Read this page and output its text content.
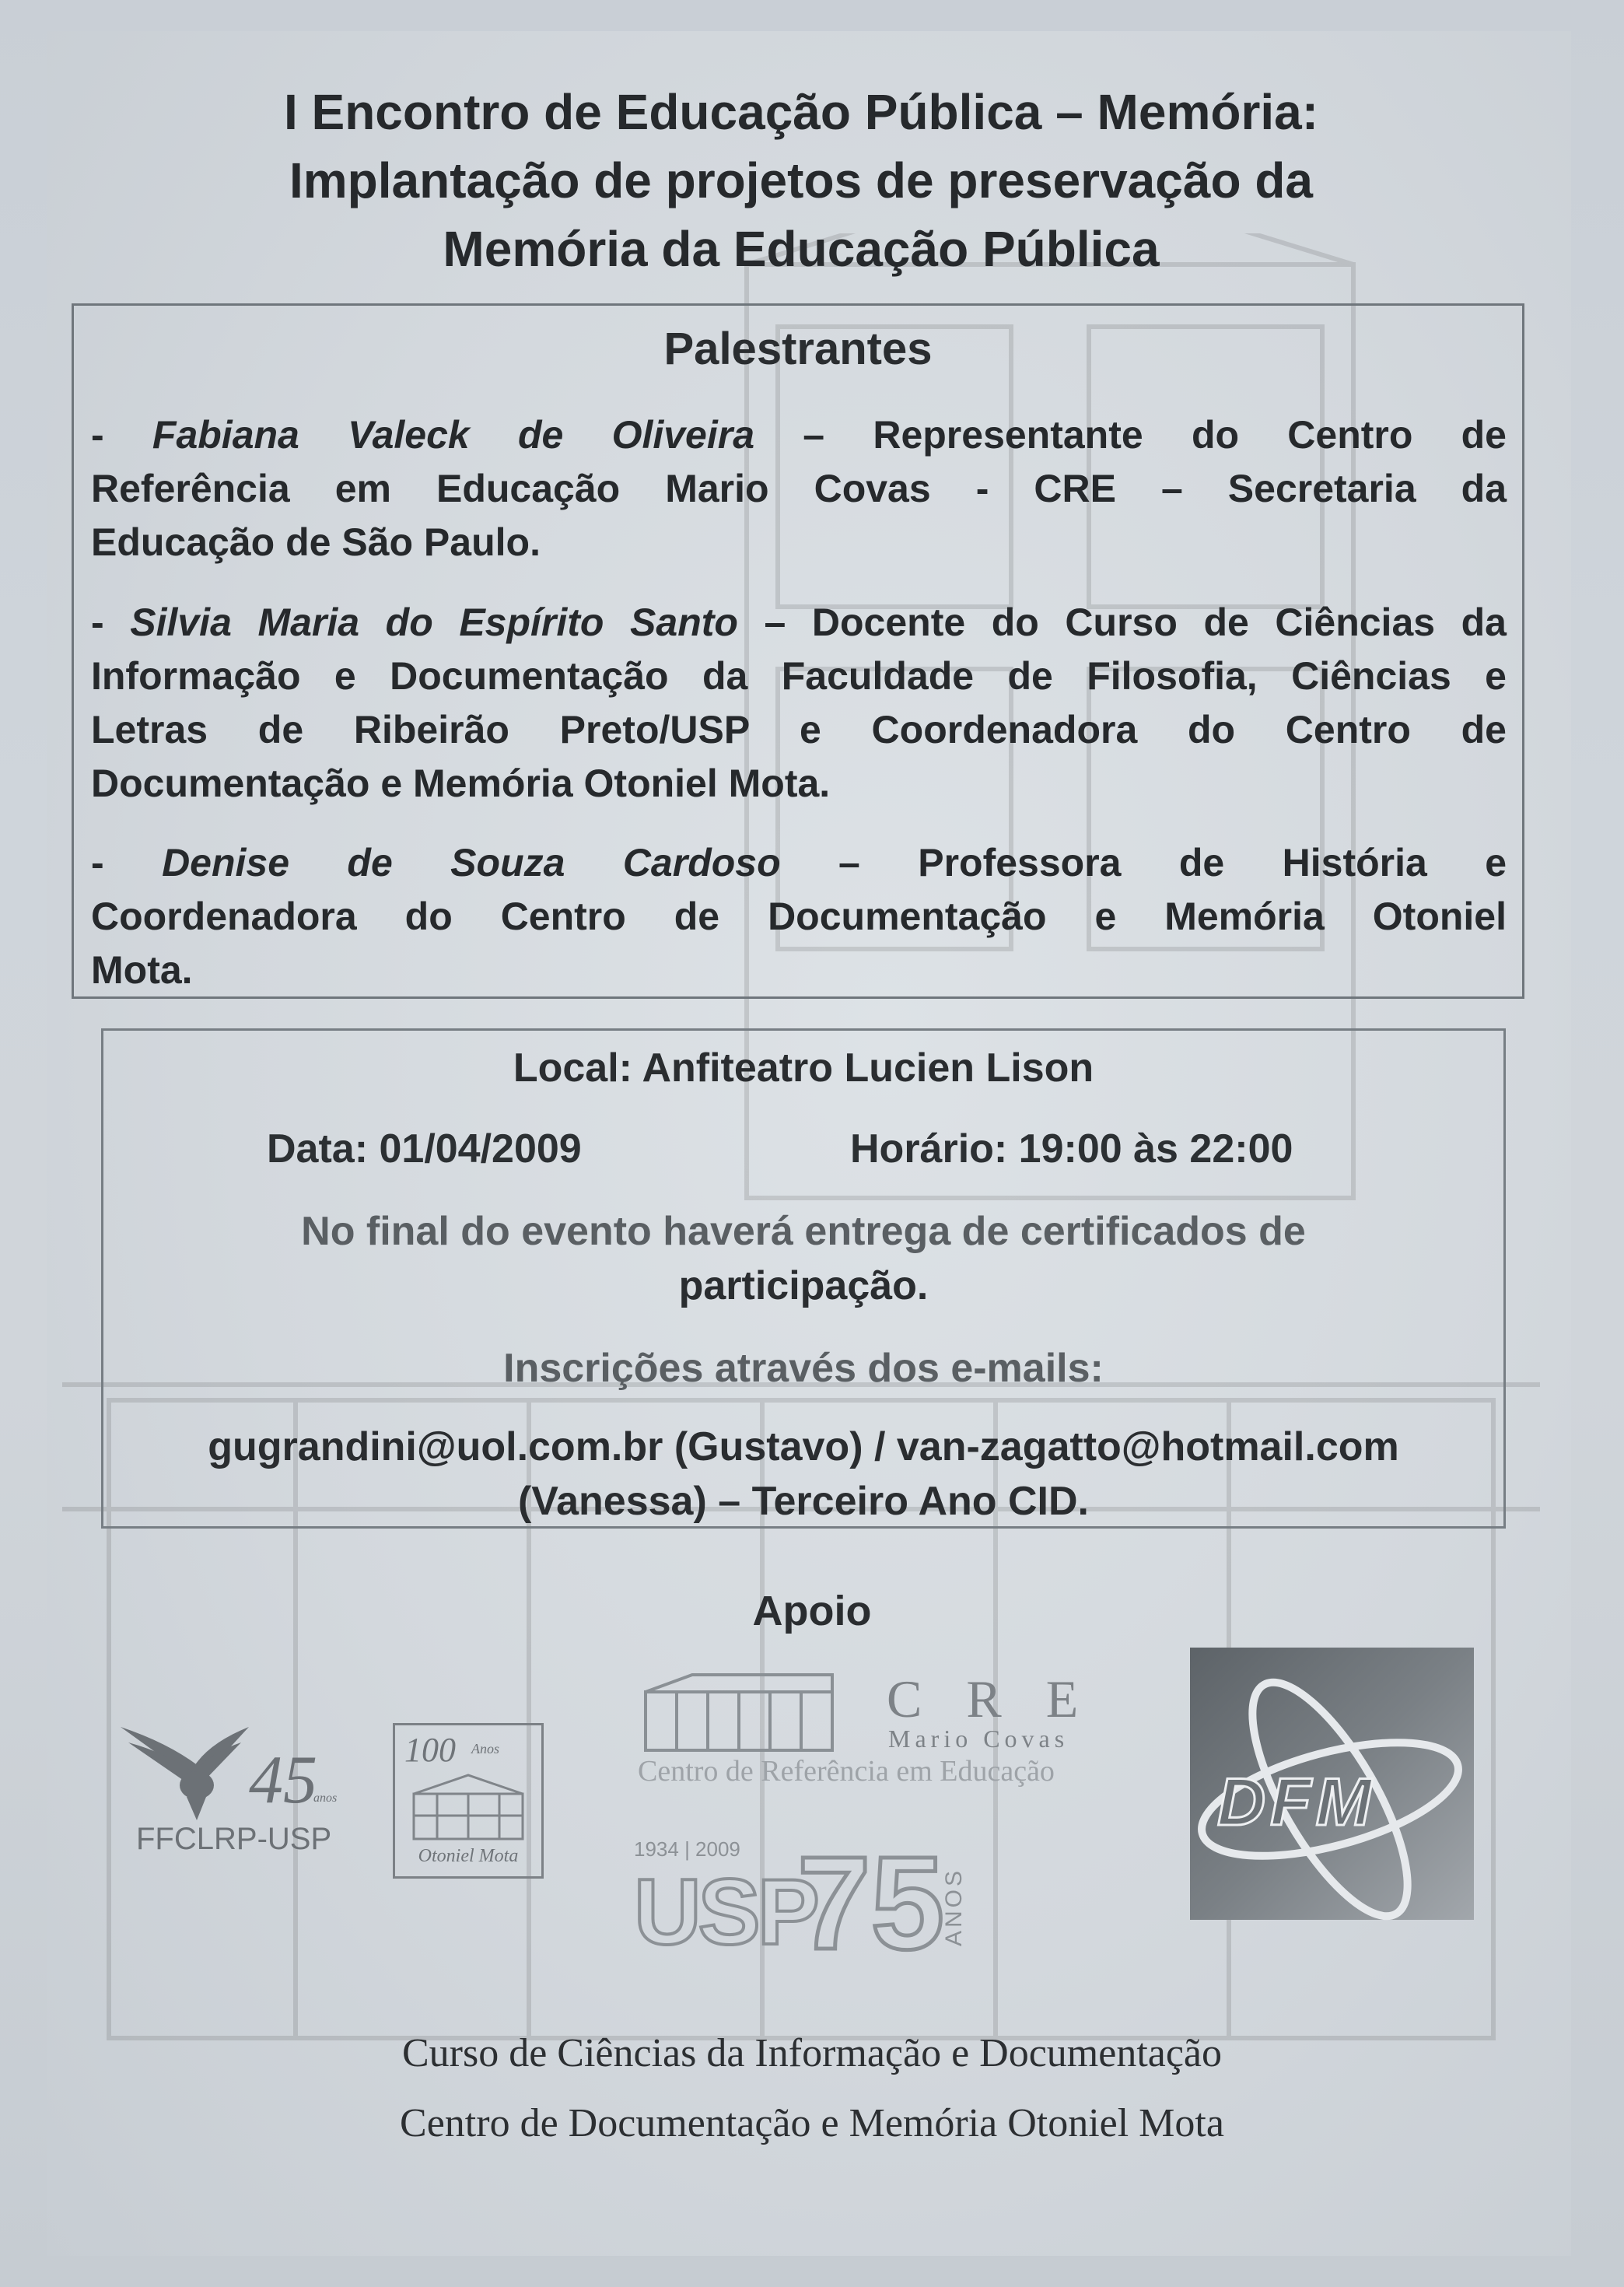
I Encontro de Educação Pública – Memória:
Implantação de projetos de preservação da
Memória da Educação Pública
Palestrantes
- Fabiana Valeck de Oliveira – Representante do Centro de
Referência em Educação Mario Covas - CRE – Secretaria da
Educação de São Paulo.
- Silvia Maria do Espírito Santo – Docente do Curso de Ciências da
Informação e Documentação da Faculdade de Filosofia, Ciências e
Letras de Ribeirão Preto/USP e Coordenadora do Centro de
Documentação e Memória Otoniel Mota.
- Denise de Souza Cardoso – Professora de História e
Coordenadora do Centro de Documentação e Memória Otoniel
Mota.
Local: Anfiteatro Lucien Lison
Data: 01/04/2009	Horário: 19:00 às 22:00
No final do evento haverá entrega de certificados de
participação.
Inscrições através dos e-mails:
gugrandini@uol.com.br (Gustavo) / van-zagatto@hotmail.com
(Vanessa) – Terceiro Ano CID.
Apoio
45
anos
FFCLRP-USP
100 Anos
Otoniel Mota
C R E
Mario Covas
Centro de Referência em Educação
1934 | 2009
USP
75
ANOS
DFM
Curso de Ciências da Informação e Documentação
Centro de Documentação e Memória Otoniel Mota
